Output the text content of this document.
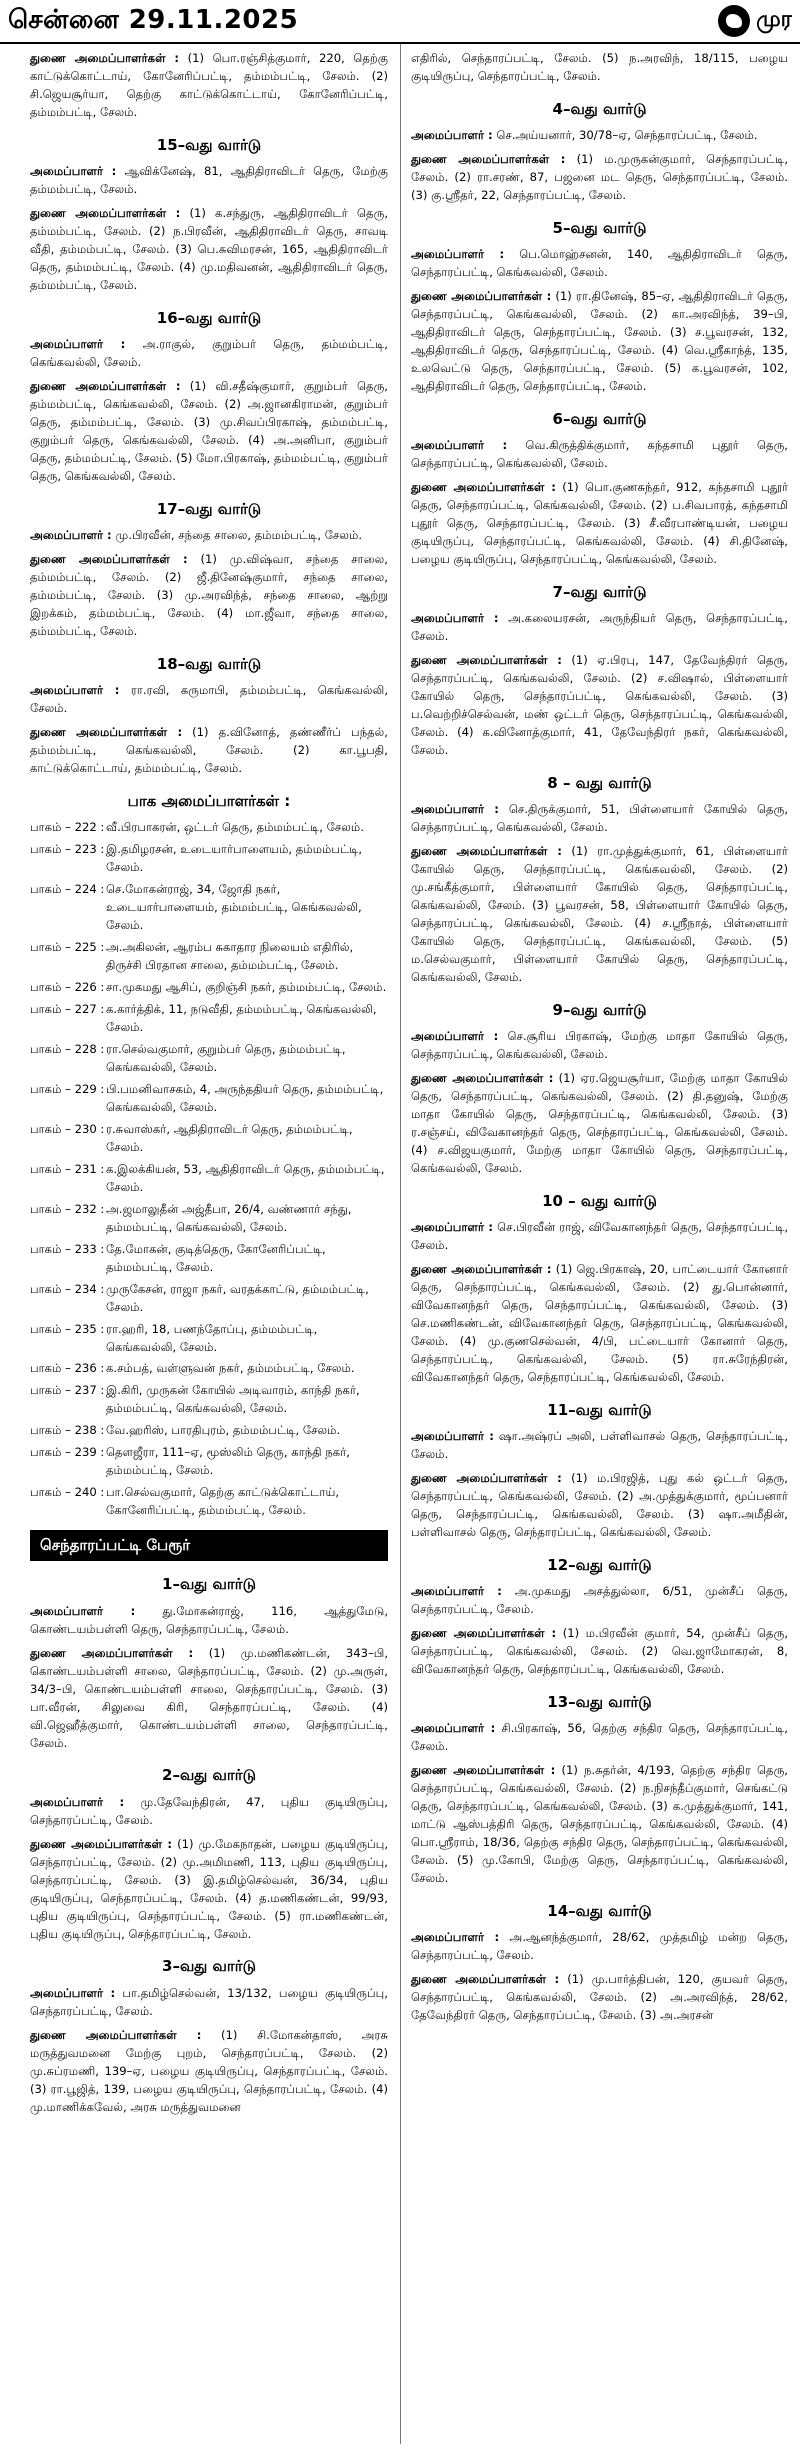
சென்னை 29.11.2025	முர

துணை அமைப்பாளர்கள் : (1) பொ.ரஞ்சித்குமார், 220, தெற்கு காட்டுக்கொட்டாய், கோனேரிப்பட்டி, தம்மம்பட்டி, சேலம். (2) சி.ஜெயசூர்யா, தெற்கு காட்டுக்கொட்டாய், கோனேரிப்பட்டி, தம்மம்பட்டி, சேலம்.

15–வது வார்டு

அமைப்பாளர் : ஆவிக்னேஷ், 81, ஆதிதிராவிடர் தெரு, மேற்கு தம்மம்பட்டி, சேலம்.

துணை அமைப்பாளர்கள் : (1) க.சந்துரு, ஆதிதிராவிடர் தெரு, தம்மம்பட்டி, சேலம். (2) ந.பிரவீன், ஆதிதிராவிடர் தெரு, சாவடி வீதி, தம்மம்பட்டி, சேலம். (3) பெ.சுவிமரசன், 165, ஆதிதிராவிடர் தெரு, தம்மம்பட்டி, சேலம். (4) மு.மதிவனன், ஆதிதிராவிடர் தெரு, தம்மம்பட்டி, சேலம்.

16–வது வார்டு

அமைப்பாளர் : அ.ராகுல், குறும்பர் தெரு, தம்மம்பட்டி, கெங்கவல்லி, சேலம்.

துணை அமைப்பாளர்கள் : (1) வி.சதீஷ்குமார், குறும்பர் தெரு, தம்மம்பட்டி, கெங்கவல்லி, சேலம். (2) அ.ஜானகிராமன், குறும்பர் தெரு, தம்மம்பட்டி, சேலம். (3) மு.சிவப்பிரகாஷ், தம்மம்பட்டி, குறும்பர் தெரு, கெங்கவல்லி, சேலம். (4) அ.அனிபா, குறும்பர் தெரு, தம்மம்பட்டி, சேலம். (5) மோ.பிரகாஷ், தம்மம்பட்டி, குறும்பர் தெரு, கெங்கவல்லி, சேலம்.

17–வது வார்டு

அமைப்பாளர் : மு.பிரவீன், சந்தை சாலை, தம்மம்பட்டி, சேலம்.

துணை அமைப்பாளர்கள் : (1) மு.விஷ்வா, சந்தை சாலை, தம்மம்பட்டி, சேலம். (2) ஜீ.தினேஷ்குமார், சந்தை சாலை, தம்மம்பட்டி, சேலம். (3) மு.அரவிந்த், சந்தை சாலை, ஆற்று இறக்கம், தம்மம்பட்டி, சேலம். (4) மா.ஜீவா, சந்தை சாலை, தம்மம்பட்டி, சேலம்.

18–வது வார்டு

அமைப்பாளர் : ரா.ரவி, கருமாபி, தம்மம்பட்டி, கெங்கவல்லி, சேலம்.

துணை அமைப்பாளர்கள் : (1) த.வினோத், தண்ணீர்ப் பந்தல், தம்மம்பட்டி, கெங்கவல்லி, சேலம். (2) கா.பூபதி, காட்டுக்கொட்டாய், தம்மம்பட்டி, சேலம்.

பாக அமைப்பாளர்கள் :
பாகம் – 222 : வீ.பிரபாகரன், ஒட்டர் தெரு, தம்மம்பட்டி, சேலம்.
பாகம் – 223 : இ.தமிழரசன், உடையார்பாளையம், தம்மம்பட்டி, சேலம்.
பாகம் – 224 : செ.மோகன்ராஜ், 34, ஜோதி நகர், உடையார்பாளையம், தம்மம்பட்டி, கெங்கவல்லி, சேலம்.
பாகம் – 225 : அ.அகிலன், ஆரம்ப சுகாதார நிலையம் எதிரில், திருச்சி பிரதான சாலை, தம்மம்பட்டி, சேலம்.
பாகம் – 226 : சா.முகமது ஆசிப், குறிஞ்சி நகர், தம்மம்பட்டி, சேலம்.
பாகம் – 227 : க.கார்த்திக், 11, நடுவீதி, தம்மம்பட்டி, கெங்கவல்லி, சேலம்.
பாகம் – 228 : ரா.செல்வகுமார், குறும்பர் தெரு, தம்மம்பட்டி, கெங்கவல்லி, சேலம்.
பாகம் – 229 : பி.பமனிவாசகம், 4, அருந்ததியர் தெரு, தம்மம்பட்டி, கெங்கவல்லி, சேலம்.
பாகம் – 230 : ர.சுவாஸ்கர், ஆதிதிராவிடர் தெரு, தம்மம்பட்டி, சேலம்.
பாகம் – 231 : க.இலக்கியன், 53, ஆதிதிராவிடர் தெரு, தம்மம்பட்டி, சேலம்.
பாகம் – 232 : அ.ஜமாலுதீன் அஜ்தீபா, 26/4, வண்ணார் சந்து, தம்மம்பட்டி, கெங்கவல்லி, சேலம்.
பாகம் – 233 : தே.மோகன், குடித்தெரு, கோனேரிப்பட்டி, தம்மம்பட்டி, சேலம்.
பாகம் – 234 : முருகேசன், ராஜா நகர், வரதக்காட்டு, தம்மம்பட்டி, சேலம்.
பாகம் – 235 : ரா.ஹரி, 18, பணந்தோப்பு, தம்மம்பட்டி, கெங்கவல்லி, சேலம்.
பாகம் – 236 : க.சம்பத், வள்ளுவன் நகர், தம்மம்பட்டி, சேலம்.
பாகம் – 237 : இ.கிரி, முருகன் கோயில் அடிவாரம், காந்தி நகர், தம்மம்பட்டி, கெங்கவல்லி, சேலம்.
பாகம் – 238 : வே.ஹரிஸ், பாரதிபுரம், தம்மம்பட்டி, சேலம்.
பாகம் – 239 : தௌஜீரா, 111–ஏ, மூஸ்லிம் தெரு, காந்தி நகர், தம்மம்பட்டி, சேலம்.
பாகம் – 240 : பா.செல்வகுமார், தெற்கு காட்டுக்கொட்டாய், கோனேரிப்பட்டி, தம்மம்பட்டி, சேலம்.
செந்தாரப்பட்டி பேரூர்
1–வது வார்டு

அமைப்பாளர் : து.மோகன்ராஜ், 116, ஆத்துமேடு, கொண்டயம்பள்ளி தெரு, செந்தாரப்பட்டி, சேலம்.

துணை அமைப்பாளர்கள் : (1) மு.மணிகண்டன், 343–பி, கொண்டயம்பள்ளி சாலை, செந்தாரப்பட்டி, சேலம். (2) மு.அருள், 34/3–பி, கொண்டயம்பள்ளி சாலை, செந்தாரப்பட்டி, சேலம். (3) பா.வீரன், சிலுவை கிரி, செந்தாரப்பட்டி, சேலம். (4) வி.ஜெஹீத்குமார், கொண்டயம்பள்ளி சாலை, செந்தாரப்பட்டி, சேலம்.

2–வது வார்டு

அமைப்பாளர் : மு.தேவேந்திரன், 47, புதிய குடியிருப்பு, செந்தாரப்பட்டி, சேலம்.

துணை அமைப்பாளர்கள் : (1) மு.மேகநாதன், பழைய குடியிருப்பு, செந்தாரப்பட்டி, சேலம். (2) மு.அமிமணி, 113, புதிய குடியிருப்பு, செந்தாரப்பட்டி, சேலம். (3) இ.தமிழ்செல்வன், 36/34, புதிய குடியிருப்பு, செந்தாரப்பட்டி, சேலம். (4) த.மணிகண்டன், 99/93, புதிய குடியிருப்பு, செந்தாரப்பட்டி, சேலம். (5) ரா.மணிகண்டன், புதிய குடியிருப்பு, செந்தாரப்பட்டி, சேலம்.

3–வது வார்டு

அமைப்பாளர் : பா.தமிழ்செல்வன், 13/132, பழைய குடியிருப்பு, செந்தாரப்பட்டி, சேலம்.

துணை அமைப்பாளர்கள் : (1) சி.மோகன்தாஸ், அரசு மருத்துவமனை மேற்கு புறம், செந்தாரப்பட்டி, சேலம். (2) மு.சுப்ரமணி, 139–ஏ, பழைய குடியிருப்பு, செந்தாரப்பட்டி, சேலம். (3) ரா.பூஜித், 139, பழைய குடியிருப்பு, செந்தாரப்பட்டி, சேலம். (4) மு.மாணிக்கவேல், அரசு மருத்துவமனை

எதிரில், செந்தாரப்பட்டி, சேலம். (5) ந.அரவிந், 18/115, பழைய குடியிருப்பு, செந்தாரப்பட்டி, சேலம்.

4–வது வார்டு

அமைப்பாளர் : செ.அய்யனார், 30/78–ஏ, செந்தாரப்பட்டி, சேலம்.

துணை அமைப்பாளர்கள் : (1) ம.முருகன்குமார், செந்தாரப்பட்டி, சேலம். (2) ரா.சரண், 87, பஜனை மட தெரு, செந்தாரப்பட்டி, சேலம். (3) கு.ஸ்ரீதர், 22, செந்தாரப்பட்டி, சேலம்.

5–வது வார்டு

அமைப்பாளர் : பெ.மொஹ்சனன், 140, ஆதிதிராவிடர் தெரு, செந்தாரப்பட்டி, கெங்கவல்லி, சேலம்.

துணை அமைப்பாளர்கள் : (1) ரா.தினேஷ், 85–ஏ, ஆதிதிராவிடர் தெரு, செந்தாரப்பட்டி, கெங்கவல்லி, சேலம். (2) கா.அரவிந்த், 39–பி, ஆதிதிராவிடர் தெரு, செந்தாரப்பட்டி, சேலம். (3) ச.பூவரசன், 132, ஆதிதிராவிடர் தெரு, செந்தாரப்பட்டி, சேலம். (4) வெ.ஸ்ரீகாந்த், 135, உலவெட்டு தெரு, செந்தாரப்பட்டி, சேலம். (5) க.பூவரசன், 102, ஆதிதிராவிடர் தெரு, செந்தாரப்பட்டி, சேலம்.

6–வது வார்டு

அமைப்பாளர் : வெ.கிருத்திக்குமார், கந்தசாமி புதூர் தெரு, செந்தாரப்பட்டி, கெங்கவல்லி, சேலம்.

துணை அமைப்பாளர்கள் : (1) பொ.குணசுந்தர், 912, கந்தசாமி புதூர் தெரு, செந்தாரப்பட்டி, கெங்கவல்லி, சேலம். (2) ப.சிவபாரத், கந்தசாமி புதூர் தெரு, செந்தாரப்பட்டி, சேலம். (3) சீ.வீரபாண்டியன், பழைய குடியிருப்பு, செந்தாரப்பட்டி, கெங்கவல்லி, சேலம். (4) சி.தினேஷ், பழைய குடியிருப்பு, செந்தாரப்பட்டி, கெங்கவல்லி, சேலம்.

7–வது வார்டு

அமைப்பாளர் : அ.கலையரசன், அருந்தியர் தெரு, செந்தாரப்பட்டி, சேலம்.

துணை அமைப்பாளர்கள் : (1) ஏ.பிரபு, 147, தேவேந்திரர் தெரு, செந்தாரப்பட்டி, கெங்கவல்லி, சேலம். (2) ச.விஷால், பிள்ளையார் கோயில் தெரு, செந்தாரப்பட்டி, கெங்கவல்லி, சேலம். (3) ப.வெற்றிச்செல்வன், மண் ஒட்டர் தெரு, செந்தாரப்பட்டி, கெங்கவல்லி, சேலம். (4) க.வினோத்குமார், 41, தேவேந்திரர் நகர், கெங்கவல்லி, சேலம்.

8 – வது வார்டு

அமைப்பாளர் : செ.திருக்குமார், 51, பிள்ளையார் கோயில் தெரு, செந்தாரப்பட்டி, கெங்கவல்லி, சேலம்.

துணை அமைப்பாளர்கள் : (1) ரா.முத்துக்குமார், 61, பிள்ளையார் கோயில் தெரு, செந்தாரப்பட்டி, கெங்கவல்லி, சேலம். (2) மு.சங்கீத்குமார், பிள்ளையார் கோயில் தெரு, செந்தாரப்பட்டி, கெங்கவல்லி, சேலம். (3) பூவரசன், 58, பிள்ளையார் கோயில் தெரு, செந்தாரப்பட்டி, கெங்கவல்லி, சேலம். (4) ச.ஸ்ரீநாத், பிள்ளையார் கோயில் தெரு, செந்தாரப்பட்டி, கெங்கவல்லி, சேலம். (5) ம.செல்வகுமார், பிள்ளையார் கோயில் தெரு, செந்தாரப்பட்டி, கெங்கவல்லி, சேலம்.

9–வது வார்டு

அமைப்பாளர் : செ.சூரிய பிரகாஷ், மேற்கு மாதா கோயில் தெரு, செந்தாரப்பட்டி, கெங்கவல்லி, சேலம்.

துணை அமைப்பாளர்கள் : (1) ஏர.ஜெயசூர்யா, மேற்கு மாதா கோயில் தெரு, செந்தாரப்பட்டி, கெங்கவல்லி, சேலம். (2) தி.தனுஷ், மேற்கு மாதா கோயில் தெரு, செந்தாரப்பட்டி, கெங்கவல்லி, சேலம். (3) ர.சஞ்சய், விவேகானந்தர் தெரு, செந்தாரப்பட்டி, கெங்கவல்லி, சேலம். (4) ச.விஜயகுமார், மேற்கு மாதா கோயில் தெரு, செந்தாரப்பட்டி, கெங்கவல்லி, சேலம்.

10 – வது வார்டு

அமைப்பாளர் : செ.பிரவீன் ராஜ், விவேகானந்தர் தெரு, செந்தாரப்பட்டி, சேலம்.

துணை அமைப்பாளர்கள் : (1) ஜெ.பிரகாஷ், 20, பாட்டையார் கோனார் தெரு, செந்தாரப்பட்டி, கெங்கவல்லி, சேலம். (2) து.பொன்னார், விவேகானந்தர் தெரு, செந்தாரப்பட்டி, கெங்கவல்லி, சேலம். (3) செ.மணிகண்டன், விவேகானந்தர் தெரு, செந்தாரப்பட்டி, கெங்கவல்லி, சேலம். (4) மு.குணசெல்வன், 4/பி, பட்டையார் கோனார் தெரு, செந்தாரப்பட்டி, கெங்கவல்லி, சேலம். (5) ரா.சுரேந்திரன், விவேகானந்தர் தெரு, செந்தாரப்பட்டி, கெங்கவல்லி, சேலம்.

11–வது வார்டு

அமைப்பாளர் : ஷா.அஷ்ரப் அலி, பள்ளிவாசல் தெரு, செந்தாரப்பட்டி, சேலம்.

துணை அமைப்பாளர்கள் : (1) ம.பிரஜித், புது கல் ஒட்டர் தெரு, செந்தாரப்பட்டி, கெங்கவல்லி, சேலம். (2) அ.முத்துக்குமார், மூப்பனார் தெரு, செந்தாரப்பட்டி, கெங்கவல்லி, சேலம். (3) ஷா.அமீதின், பள்ளிவாசல் தெரு, செந்தாரப்பட்டி, கெங்கவல்லி, சேலம்.

12–வது வார்டு

அமைப்பாளர் : அ.முகமது அசத்துல்லா, 6/51, முன்சீப் தெரு, செந்தாரப்பட்டி, சேலம்.

துணை அமைப்பாளர்கள் : (1) ம.பிரவீன் குமார், 54, முன்சீப் தெரு, செந்தாரப்பட்டி, கெங்கவல்லி, சேலம். (2) வெ.ஜாமோகரன், 8, விவேகானந்தர் தெரு, செந்தாரப்பட்டி, கெங்கவல்லி, சேலம்.

13–வது வார்டு

அமைப்பாளர் : சி.பிரகாஷ், 56, தெற்கு சந்திர தெரு, செந்தாரப்பட்டி, சேலம்.

துணை அமைப்பாளர்கள் : (1) ந.சுதர்ன், 4/193, தெற்கு சந்திர தெரு, செந்தாரப்பட்டி, கெங்கவல்லி, சேலம். (2) ந.நிசந்தீப்குமார், செங்கட்டு தெரு, செந்தாரப்பட்டி, கெங்கவல்லி, சேலம். (3) க.முத்துக்குமார், 141, மாட்டு ஆஸ்பத்திரி தெரு, செந்தாரப்பட்டி, கெங்கவல்லி, சேலம். (4) பொ.ஸ்ரீராம், 18/36, தெற்கு சந்திர தெரு, செந்தாரப்பட்டி, கெங்கவல்லி, சேலம். (5) மு.கோபி, மேற்கு தெரு, செந்தாரப்பட்டி, கெங்கவல்லி, சேலம்.

14–வது வார்டு

அமைப்பாளர் : அ.ஆனந்த்குமார், 28/62, முத்தமிழ் மன்ற தெரு, செந்தாரப்பட்டி, சேலம்.

துணை அமைப்பாளர்கள் : (1) மு.பார்த்திபன், 120, குயவர் தெரு, செந்தாரப்பட்டி, கெங்கவல்லி, சேலம். (2) அ.அரவிந்த், 28/62, தேவேந்திரர் தெரு, செந்தாரப்பட்டி, சேலம். (3) அ.அரசன்
